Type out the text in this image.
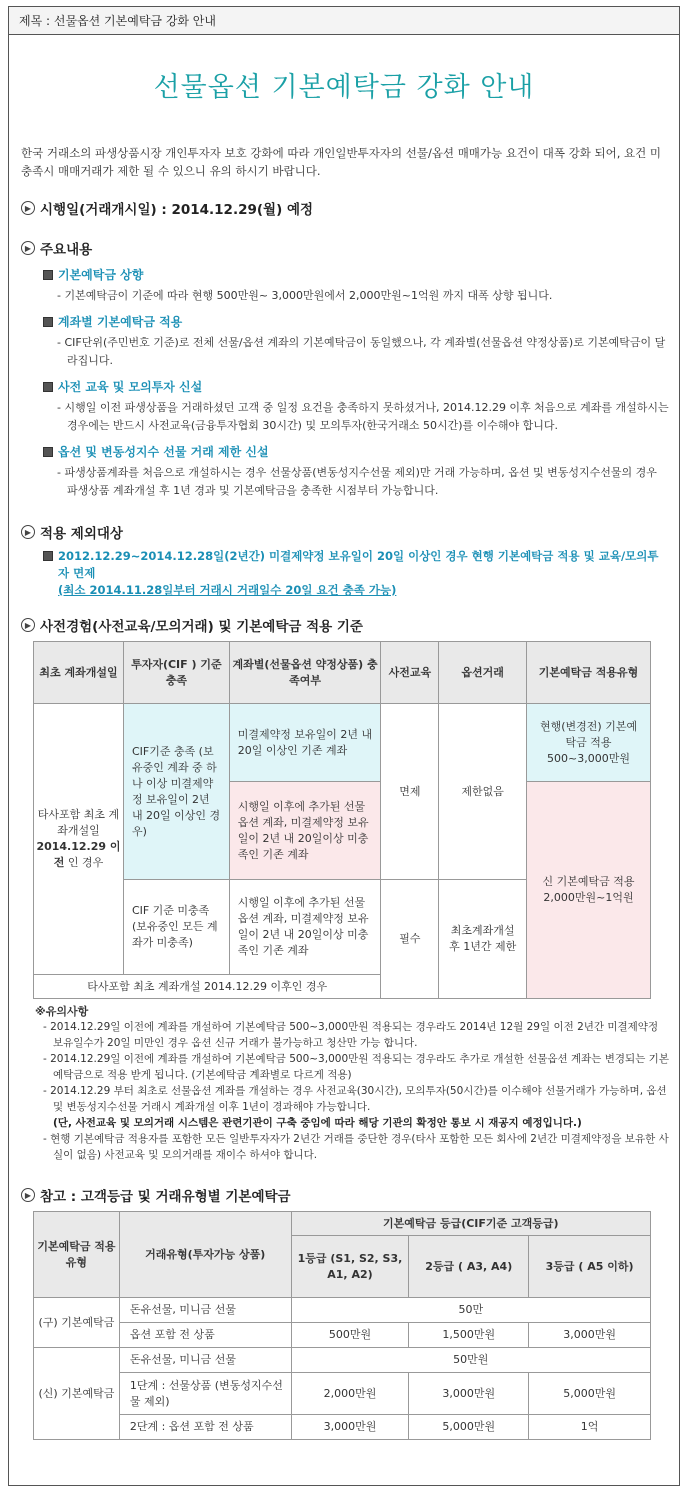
제목 : 선물옵션 기본예탁금 강화 안내
선물옵션 기본예탁금 강화 안내
한국 거래소의 파생상품시장 개인투자자 보호 강화에 따라 개인일반투자자의 선물/옵션 매매가능 요건이 대폭 강화 되어, 요건 미충족시 매매거래가 제한 될 수 있으니 유의 하시기 바랍니다.
▶ 시행일(거래개시일) : 2014.12.29(월) 예정
▶ 주요내용
기본예탁금 상향
- 기본예탁금이 기준에 따라 현행 500만원~ 3,000만원에서 2,000만원~1억원 까지 대폭 상향 됩니다.
계좌별 기본예탁금 적용
- CIF단위(주민번호 기준)로 전체 선물/옵션 계좌의 기본예탁금이 동일했으나, 각 계좌별(선물옵션 약정상품)로 기본예탁금이 달라집니다.
사전 교육 및 모의투자 신설
- 시행일 이전 파생상품을 거래하셨던 고객 중 일정 요건을 충족하지 못하셨거나, 2014.12.29 이후 처음으로 계좌를 개설하시는 경우에는 반드시 사전교육(금융투자협회 30시간) 및 모의투자(한국거래소 50시간)를 이수해야 합니다.
옵션 및 변동성지수 선물 거래 제한 신설
- 파생상품계좌를 처음으로 개설하시는 경우 선물상품(변동성지수선물 제외)만 거래 가능하며, 옵션 및 변동성지수선물의 경우 파생상품 계좌개설 후 1년 경과 및 기본예탁금을 충족한 시점부터 가능합니다.
▶ 적용 제외대상
2012.12.29~2014.12.28일(2년간) 미결제약정 보유일이 20일 이상인 경우 현행 기본예탁금 적용 및 교육/모의투자 면제
(최소 2014.11.28일부터 거래시 거래일수 20일 요건 충족 가능)
▶ 사전경험(사전교육/모의거래) 및 기본예탁금 적용 기준
최초 계좌개설일	투자자(CIF ) 기준 충족	계좌별(선물옵션 약정상품) 충족여부	사전교육	옵션거래	기본예탁금 적용유형
타사포함 최초 계좌개설일
2014.12.29 이전 인 경우	CIF기준 충족 (보유중인 계좌 중 하나 이상 미결제약정 보유일이 2년 내 20일 이상인 경우)	미결제약정 보유일이 2년 내 20일 이상인 기존 계좌	면제	제한없음	현행(변경전) 기본예탁금 적용 500~3,000만원
		시행일 이후에 추가된 선물옵션 계좌, 미결제약정 보유일이 2년 내 20일이상 미충족인 기존 계좌			신 기본예탁금 적용 2,000만원~1억원
	CIF 기준 미충족 (보유중인 모든 계좌가 미충족)	시행일 이후에 추가된 선물옵션 계좌, 미결제약정 보유일이 2년 내 20일이상 미충족인 기존 계좌	필수	최초계좌개설 후 1년간 제한	
타사포함 최초 계좌개설 2014.12.29 이후인 경우					
※유의사항
- 2014.12.29일 이전에 계좌를 개설하여 기본예탁금 500~3,000만원 적용되는 경우라도 2014년 12월 29일 이전 2년간 미결제약정 보유일수가 20일 미만인 경우 옵션 신규 거래가 불가능하고 청산만 가능 합니다.
- 2014.12.29일 이전에 계좌를 개설하여 기본예탁금 500~3,000만원 적용되는 경우라도 추가로 개설한 선물옵션 계좌는 변경되는 기본예탁금으로 적용 받게 됩니다. (기본예탁금 계좌별로 다르게 적용)
- 2014.12.29 부터 최초로 선물옵션 계좌를 개설하는 경우 사전교육(30시간), 모의투자(50시간)를 이수해야 선물거래가 가능하며, 옵션 및 변동성지수선물 거래시 계좌개설 이후 1년이 경과해야 가능합니다.
(단, 사전교육 및 모의거래 시스템은 관련기관이 구축 중임에 따라 해당 기관의 확정안 통보 시 재공지 예정입니다.)
- 현행 기본예탁금 적용자를 포함한 모든 일반투자자가 2년간 거래를 중단한 경우(타사 포함한 모든 회사에 2년간 미결제약정을 보유한 사실이 없음) 사전교육 및 모의거래를 재이수 하셔야 합니다.
▶ 참고 : 고객등급 및 거래유형별 기본예탁금
기본예탁금 적용 유형	거래유형(투자가능 상품)	기본예탁금 등급(CIF기준 고객등급)		
		1등급 (S1, S2, S3, A1, A2)	2등급 ( A3, A4)	3등급 ( A5 이하)
(구) 기본예탁금	돈유선물, 미니금 선물	50만		
	옵션 포함 전 상품	500만원	1,500만원	3,000만원
(신) 기본예탁금	돈유선물, 미니금 선물	50만원		
	1단계 : 선물상품 (변동성지수선물 제외)	2,000만원	3,000만원	5,000만원
	2단계 : 옵션 포함 전 상품	3,000만원	5,000만원	1억
